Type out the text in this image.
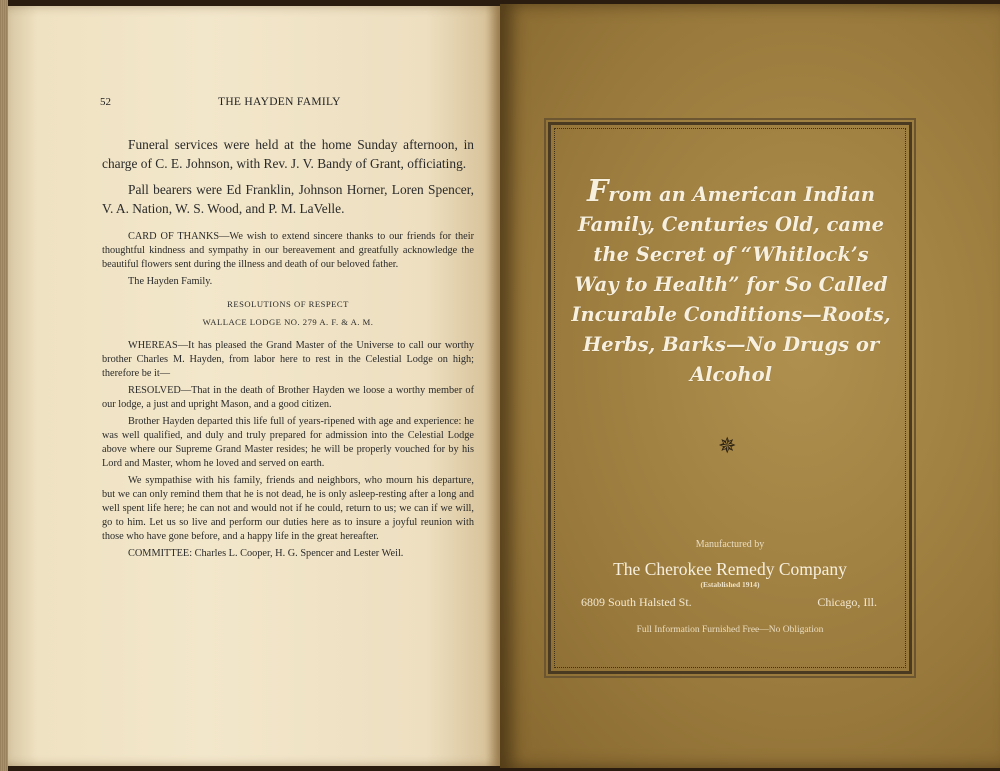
52	THE HAYDEN FAMILY

Funeral services were held at the home Sunday afternoon, in charge of C. E. Johnson, with Rev. J. V. Bandy of Grant, officiating.

Pall bearers were Ed Franklin, Johnson Horner, Loren Spencer, V. A. Nation, W. S. Wood, and P. M. LaVelle.

CARD OF THANKS—We wish to extend sincere thanks to our friends for their thoughtful kindness and sympathy in our bereavement and greatfully acknowledge the beautiful flowers sent during the illness and death of our beloved father.

The Hayden Family.

RESOLUTIONS OF RESPECT

WALLACE LODGE NO. 279 A. F. & A. M.

WHEREAS—It has pleased the Grand Master of the Universe to call our worthy brother Charles M. Hayden, from labor here to rest in the Celestial Lodge on high; therefore be it—

RESOLVED—That in the death of Brother Hayden we loose a worthy member of our lodge, a just and upright Mason, and a good citizen.

Brother Hayden departed this life full of years-ripened with age and experience: he was well qualified, and duly and truly prepared for admission into the Celestial Lodge above where our Supreme Grand Master resides; he will be properly vouched for by his Lord and Master, whom he loved and served on earth.

We sympathise with his family, friends and neighbors, who mourn his departure, but we can only remind them that he is not dead, he is only asleep-resting after a long and well spent life here; he can not and would not if he could, return to us; we can if we will, go to him. Let us so live and perform our duties here as to insure a joyful reunion with those who have gone before, and a happy life in the great hereafter.

COMMITTEE: Charles L. Cooper, H. G. Spencer and Lester Weil.

From an American Indian Family, Centuries Old, came the Secret of “Whitlock’s Way to Health” for So Called Incurable Conditions—Roots, Herbs, Barks—No Drugs or Alcohol
✵
Manufactured by
The Cherokee Remedy Company
(Established 1914)
6809 South Halsted St.	Chicago, Ill.
Full Information Furnished Free—No Obligation
